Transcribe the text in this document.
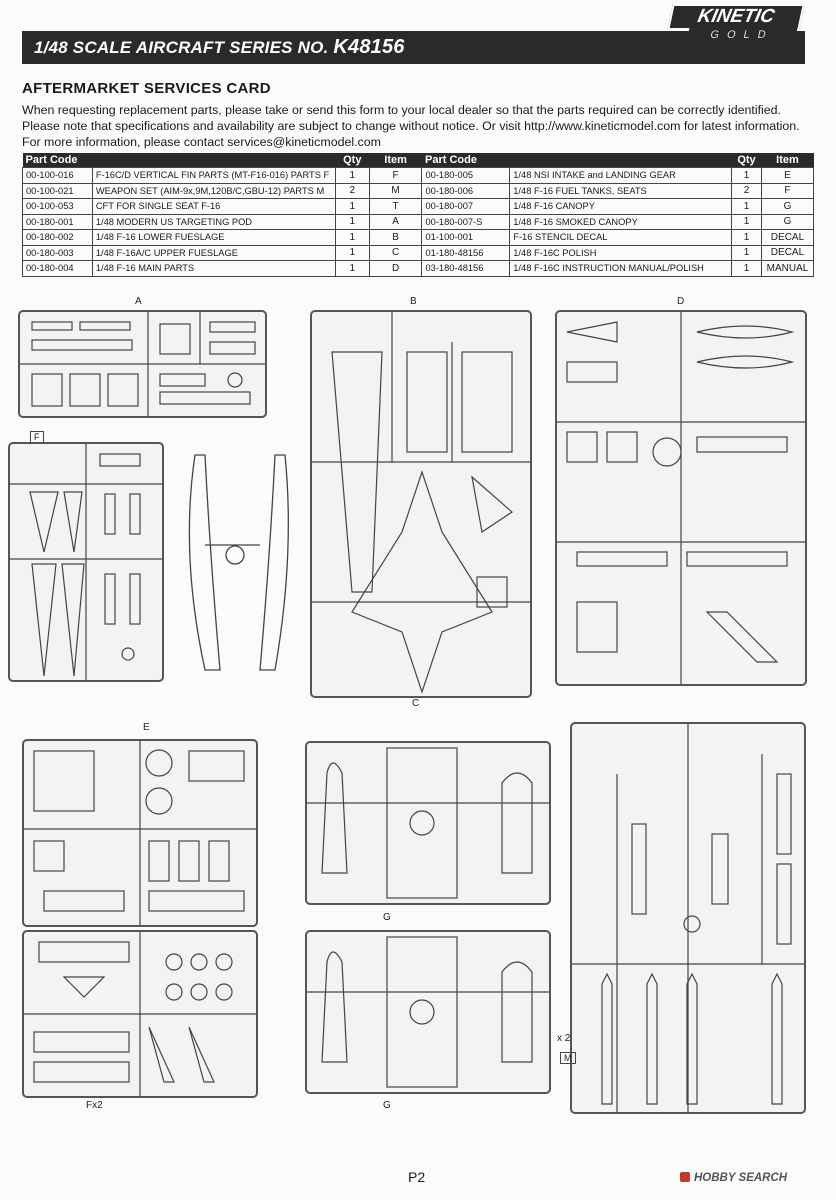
1/48 SCALE AIRCRAFT SERIES NO. K48156
KINETIC
GOLD
AFTERMARKET SERVICES CARD
When requesting replacement parts, please take or send this form to your local dealer so that the parts required can be correctly identified. Please note that specifications and availability are subject to change without notice. Or visit http://www.kineticmodel.com for latest information. For more information, please contact services@kineticmodel.com
Part Code		Qty	Item	Part Code		Qty	Item
00-100-016	F-16C/D VERTICAL FIN PARTS (MT-F16-016) PARTS F	1	F	00-180-005	1/48 NSI INTAKE and LANDING GEAR	1	E
00-100-021	WEAPON SET (AIM-9x,9M,120B/C,GBU-12) PARTS M	2	M	00-180-006	1/48 F-16 FUEL TANKS, SEATS	2	F
00-100-053	CFT FOR SINGLE SEAT F-16	1	T	00-180-007	1/48 F-16 CANOPY	1	G
00-180-001	1/48 MODERN US TARGETING POD	1	A	00-180-007-S	1/48 F-16 SMOKED CANOPY	1	G
00-180-002	1/48 F-16 LOWER FUESLAGE	1	B	01-100-001	F-16 STENCIL DECAL	1	DECAL
00-180-003	1/48 F-16A/C UPPER FUESLAGE	1	C	01-180-48156	1/48 F-16C POLISH	1	DECAL
00-180-004	1/48 F-16 MAIN PARTS	1	D	03-180-48156	1/48 F-16C INSTRUCTION MANUAL/POLISH	1	MANUAL
A
F
B
C
D
E
Fx2
G
G
x 2
M
P2	HOBBY SEARCH
